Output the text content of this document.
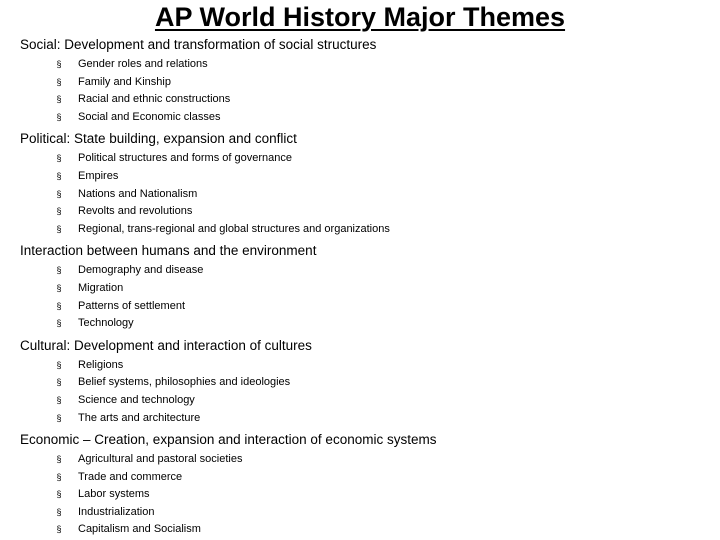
AP World History Major Themes
Social: Development and transformation of social structures
§ Gender roles and relations
§ Family and Kinship
§ Racial and ethnic constructions
§ Social and Economic classes
Political: State building, expansion and conflict
§ Political structures and forms of governance
§ Empires
§ Nations and Nationalism
§ Revolts and revolutions
§ Regional, trans-regional and global structures and organizations
Interaction between humans and the environment
§ Demography and disease
§ Migration
§ Patterns of settlement
§ Technology
Cultural: Development and interaction of cultures
§ Religions
§ Belief systems, philosophies and ideologies
§ Science and technology
§ The arts and architecture
Economic – Creation, expansion and interaction of economic systems
§ Agricultural and pastoral societies
§ Trade and commerce
§ Labor systems
§ Industrialization
§ Capitalism and Socialism
